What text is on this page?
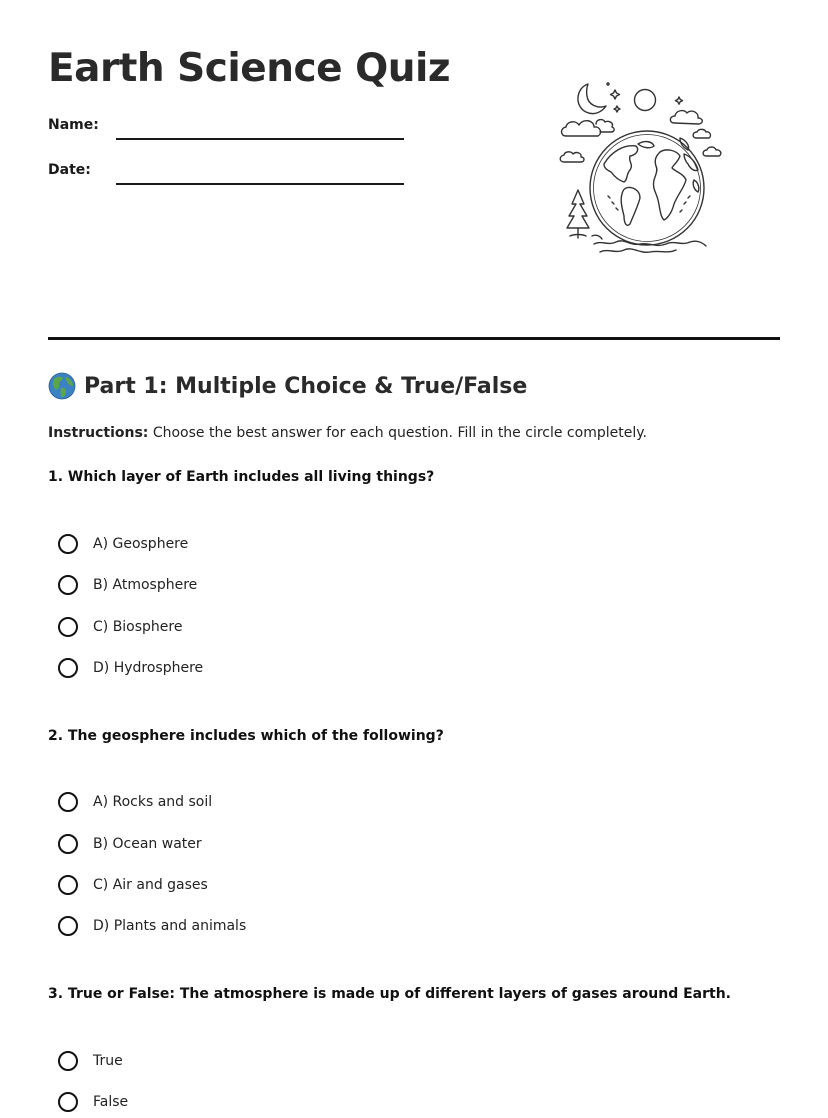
Earth Science Quiz
Name:
Date:
Part 1: Multiple Choice & True/False
Instructions: Choose the best answer for each question. Fill in the circle completely.
1. Which layer of Earth includes all living things?
A) Geosphere
B) Atmosphere
C) Biosphere
D) Hydrosphere
2. The geosphere includes which of the following?
A) Rocks and soil
B) Ocean water
C) Air and gases
D) Plants and animals
3. True or False: The atmosphere is made up of different layers of gases around Earth.
True
False
